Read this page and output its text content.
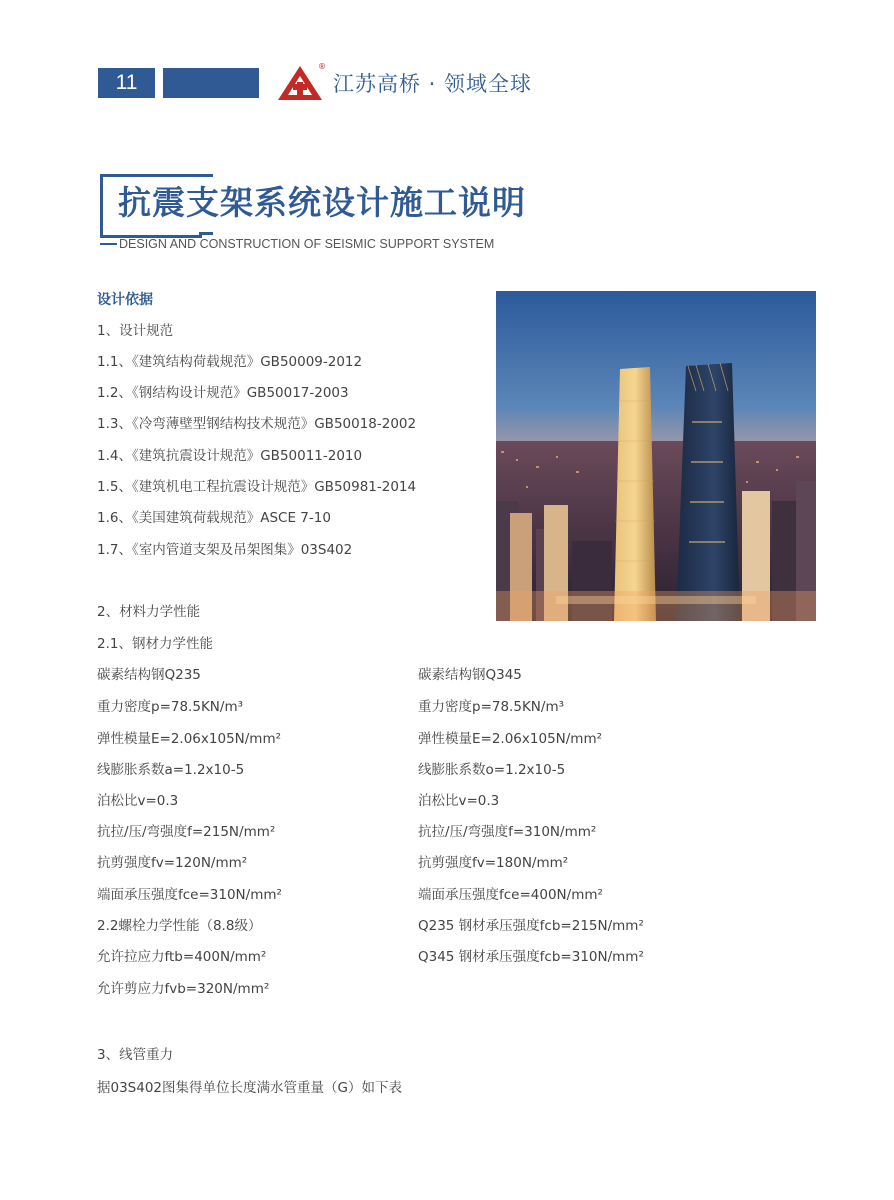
11
®
江苏高桥 · 领域全球
抗震支架系统设计施工说明
DESIGN AND CONSTRUCTION OF SEISMIC SUPPORT SYSTEM
设计依据
1、设计规范
1.1、《建筑结构荷载规范》GB50009-2012
1.2、《钢结构设计规范》GB50017-2003
1.3、《冷弯薄壁型钢结构技术规范》GB50018-2002
1.4、《建筑抗震设计规范》GB50011-2010
1.5、《建筑机电工程抗震设计规范》GB50981-2014
1.6、《美国建筑荷载规范》ASCE 7-10
1.7、《室内管道支架及吊架图集》03S402
2、材料力学性能
2.1、钢材力学性能
碳素结构钢Q235
重力密度p=78.5KN/m³
弹性模量E=2.06x105N/mm²
线膨胀系数a=1.2x10-5
泊松比v=0.3
抗拉/压/弯强度f=215N/mm²
抗剪强度fv=120N/mm²
端面承压强度fce=310N/mm²
2.2螺栓力学性能（8.8级）
允许拉应力ftb=400N/mm²
允许剪应力fvb=320N/mm²
碳素结构钢Q345
重力密度p=78.5KN/m³
弹性模量E=2.06x105N/mm²
线膨胀系数o=1.2x10-5
泊松比v=0.3
抗拉/压/弯强度f=310N/mm²
抗剪强度fv=180N/mm²
端面承压强度fce=400N/mm²
Q235 钢材承压强度fcb=215N/mm²
Q345 钢材承压强度fcb=310N/mm²
3、线管重力
据03S402图集得单位长度满水管重量（G）如下表
